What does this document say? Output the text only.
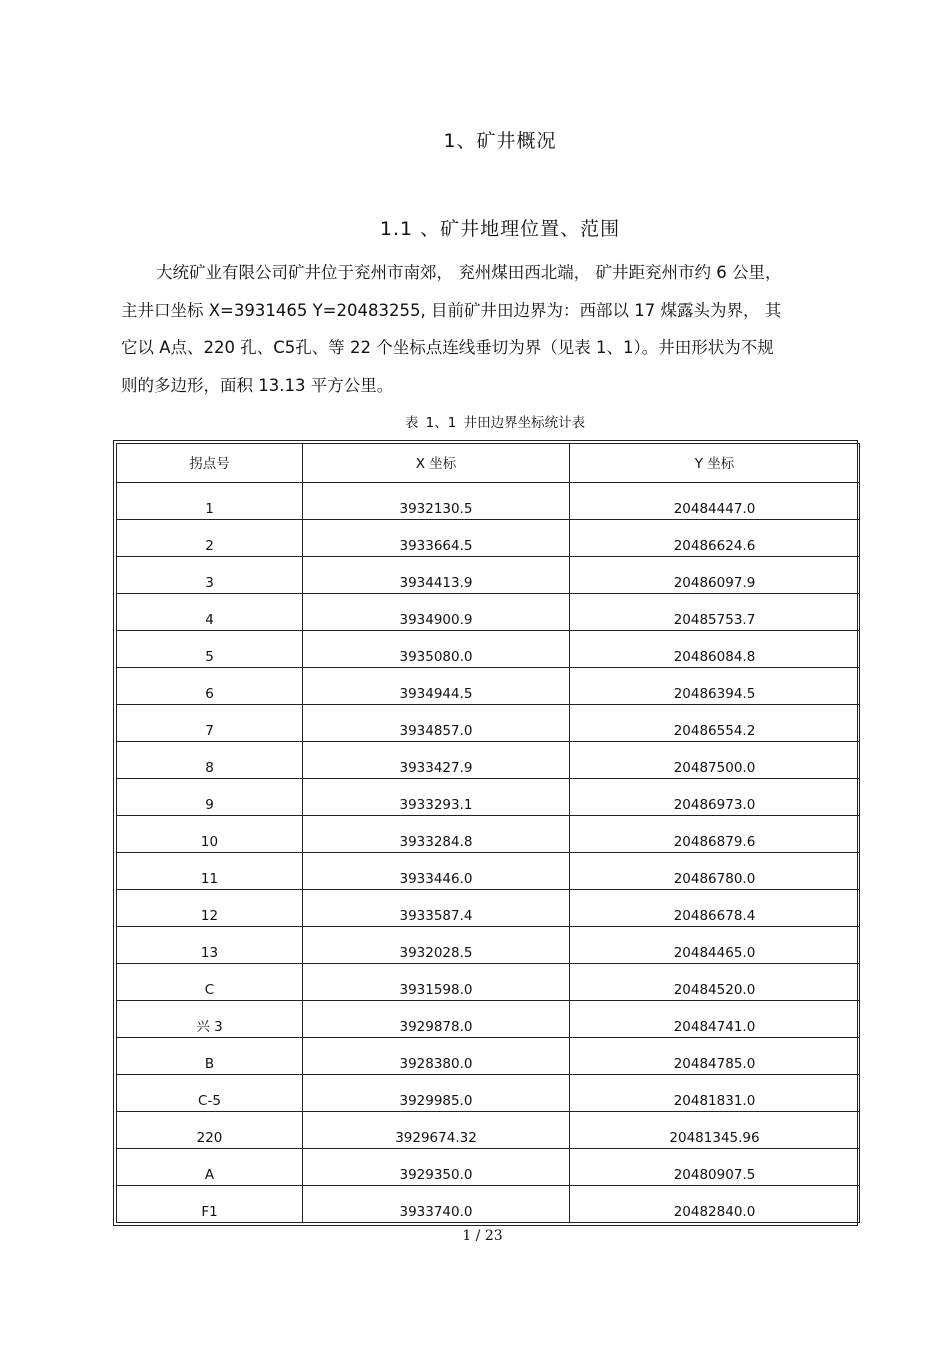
1、矿井概况
1.1 、矿井地理位置、范围
大统矿业有限公司矿井位于兖州市南郊， 兖州煤田西北端， 矿井距兖州市约 6 公里，
主井口坐标 X=3931465 Y=20483255, 目前矿井田边界为：西部以 17 煤露头为界， 其
它以 A点、220 孔、C5孔、等 22 个坐标点连线垂切为界（见表 1、1）。井田形状为不规
则的多边形，面积 13.13 平方公里。
表 1、1 井田边界坐标统计表
拐点号	X 坐标	Y 坐标
1	3932130.5	20484447.0
2	3933664.5	20486624.6
3	3934413.9	20486097.9
4	3934900.9	20485753.7
5	3935080.0	20486084.8
6	3934944.5	20486394.5
7	3934857.0	20486554.2
8	3933427.9	20487500.0
9	3933293.1	20486973.0
10	3933284.8	20486879.6
11	3933446.0	20486780.0
12	3933587.4	20486678.4
13	3932028.5	20484465.0
C	3931598.0	20484520.0
兴 3	3929878.0	20484741.0
B	3928380.0	20484785.0
C-5	3929985.0	20481831.0
220	3929674.32	20481345.96
A	3929350.0	20480907.5
F1	3933740.0	20482840.0
1 / 23
